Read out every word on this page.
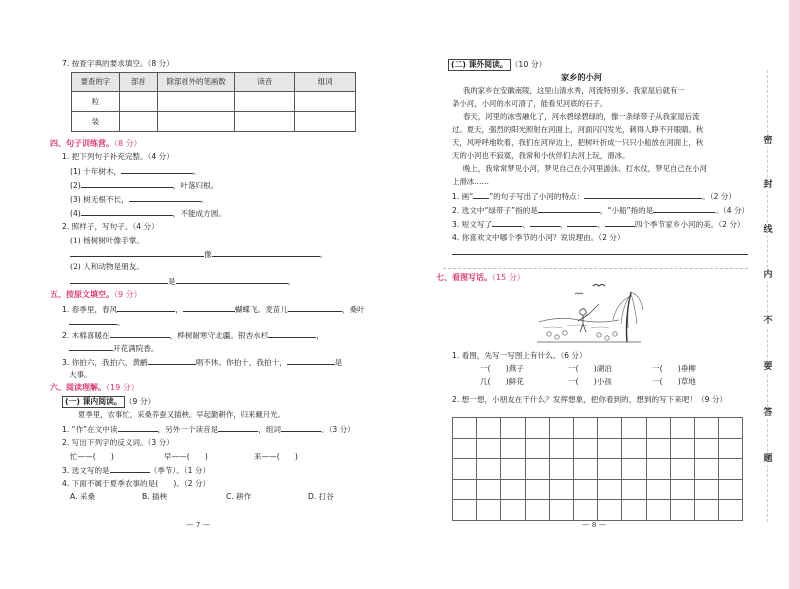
7. 按查字典的要求填空。（8 分）
要查的字	部首	除部首外的笔画数	读音	组词
粒				
装				
四、句子训练营。（8 分）
1. 把下列句子补充完整。（4 分）
(1) 十年树木，	。
(2)	，叶落归根。
(3) 树无根不长，	。
(4)	，不能成方圆。
2. 照样子，写句子。（4 分）
(1) 杨树树叶像手掌。
像	。
(2) 人和动物是朋友。
是	。
五、按原文填空。（9 分）
1. 春季里，春风	，	蝴蝶飞。麦苗儿	，桑叶
。
2. 木棉喜暖在	，桦树耐寒守北疆。银杏水杉	，
开花满院香。
3. 你拍六，我拍六，黄鹂	唱不休。你拍十，我拍十，	是
大事。
六、阅读理解。（19 分）
(一) 课内阅读。 （9 分）
夏季里，农事忙，采桑养蚕又插秧。早起勤耕作，归来戴月光。
1. “作”在文中读	，另外一个读音是	，组词	。（3 分）
2. 写出下列字的反义词。（3 分）
忙——(　　)	早——(　　)	来——(　　)
3. 选文写的是	（季节）。（1 分）
4. 下面不属于夏季农事的是(　　)。（2 分）
A. 采桑	B. 插秧	C. 耕作	D. 打谷
— 7 —
(二) 课外阅读。 （10 分）
家乡的小河
我的家乡在安徽南陵，这里山清水秀，河流特别多。我家屋后就有一
条小河，小河的水可清了，能看见河底的石子。
春天，河里的冰雪融化了，河水碧绿碧绿的，像一条绿带子从我家屋后流
过。夏天，强烈的阳光照射在河面上，河面闪闪发光，刺得人睁不开眼睛。秋
天，风呼呼地吹着，我们在河岸边上，把树叶折成一只只小船放在河面上，秋
天的小河也不寂寞，我常和小伙伴们去河上玩，滑冰。
晚上，我常常梦见小河，梦见自己在小河里游泳、打水仗，梦见自己在小河
上滑冰……
1. 画“ ”的句子写出了小河的特点：	。（2 分）
2. 选文中“绿带子”指的是	，“小船”指的是	。（4 分）
3. 短文写了	、	、	、	四个季节家乡小河的美。（2 分）
4. 你喜欢文中哪个季节的小河？说说理由。（2 分）
七、看图写话。（15 分）
1. 看图，先写一写图上有什么。（6 分）
一(　　)燕子	一(　　)湖泊	一(　　)垂柳
几(　　)鲜花	一(　　)小孩	一(　　)草地
2. 想一想，小朋友在干什么？发挥想象，把你看到的、想到的写下来吧！（9 分）
— 8 —
密
封
线
内
不
要
答
题
